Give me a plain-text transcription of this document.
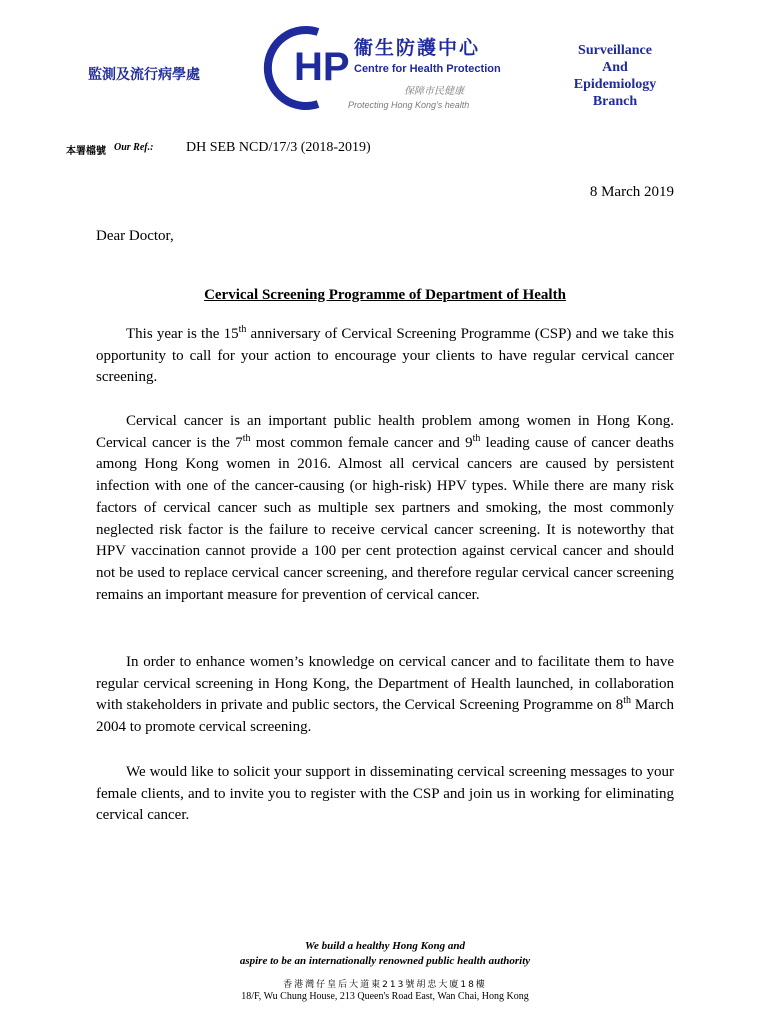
監測及流行病學處 HP 衞生防護中心
Centre for Health Protection
保障市民健康
Protecting Hong Kong's health
Surveillance
And
Epidemiology
Branch
本署檔號 Our Ref.: DH SEB NCD/17/3 (2018-2019)
8 March 2019
Dear Doctor,
Cervical Screening Programme of Department of Health

This year is the 15th anniversary of Cervical Screening Programme (CSP) and we take this opportunity to call for your action to encourage your clients to have regular cervical cancer screening.

Cervical cancer is an important public health problem among women in Hong Kong. Cervical cancer is the 7th most common female cancer and 9th leading cause of cancer deaths among Hong Kong women in 2016. Almost all cervical cancers are caused by persistent infection with one of the cancer-causing (or high-risk) HPV types. While there are many risk factors of cervical cancer such as multiple sex partners and smoking, the most commonly neglected risk factor is the failure to receive cervical cancer screening. It is noteworthy that HPV vaccination cannot provide a 100 per cent protection against cervical cancer and should not be used to replace cervical cancer screening, and therefore regular cervical cancer screening remains an important measure for prevention of cervical cancer.

In order to enhance women’s knowledge on cervical cancer and to facilitate them to have regular cervical screening in Hong Kong, the Department of Health launched, in collaboration with stakeholders in private and public sectors, the Cervical Screening Programme on 8th March 2004 to promote cervical screening.

We would like to solicit your support in disseminating cervical screening messages to your female clients, and to invite you to register with the CSP and join us in working for eliminating cervical cancer.

We build a healthy Hong Kong and
aspire to be an internationally renowned public health authority
香港灣仔皇后大道東213號胡忠大廈18樓
18/F, Wu Chung House, 213 Queen's Road East, Wan Chai, Hong Kong
